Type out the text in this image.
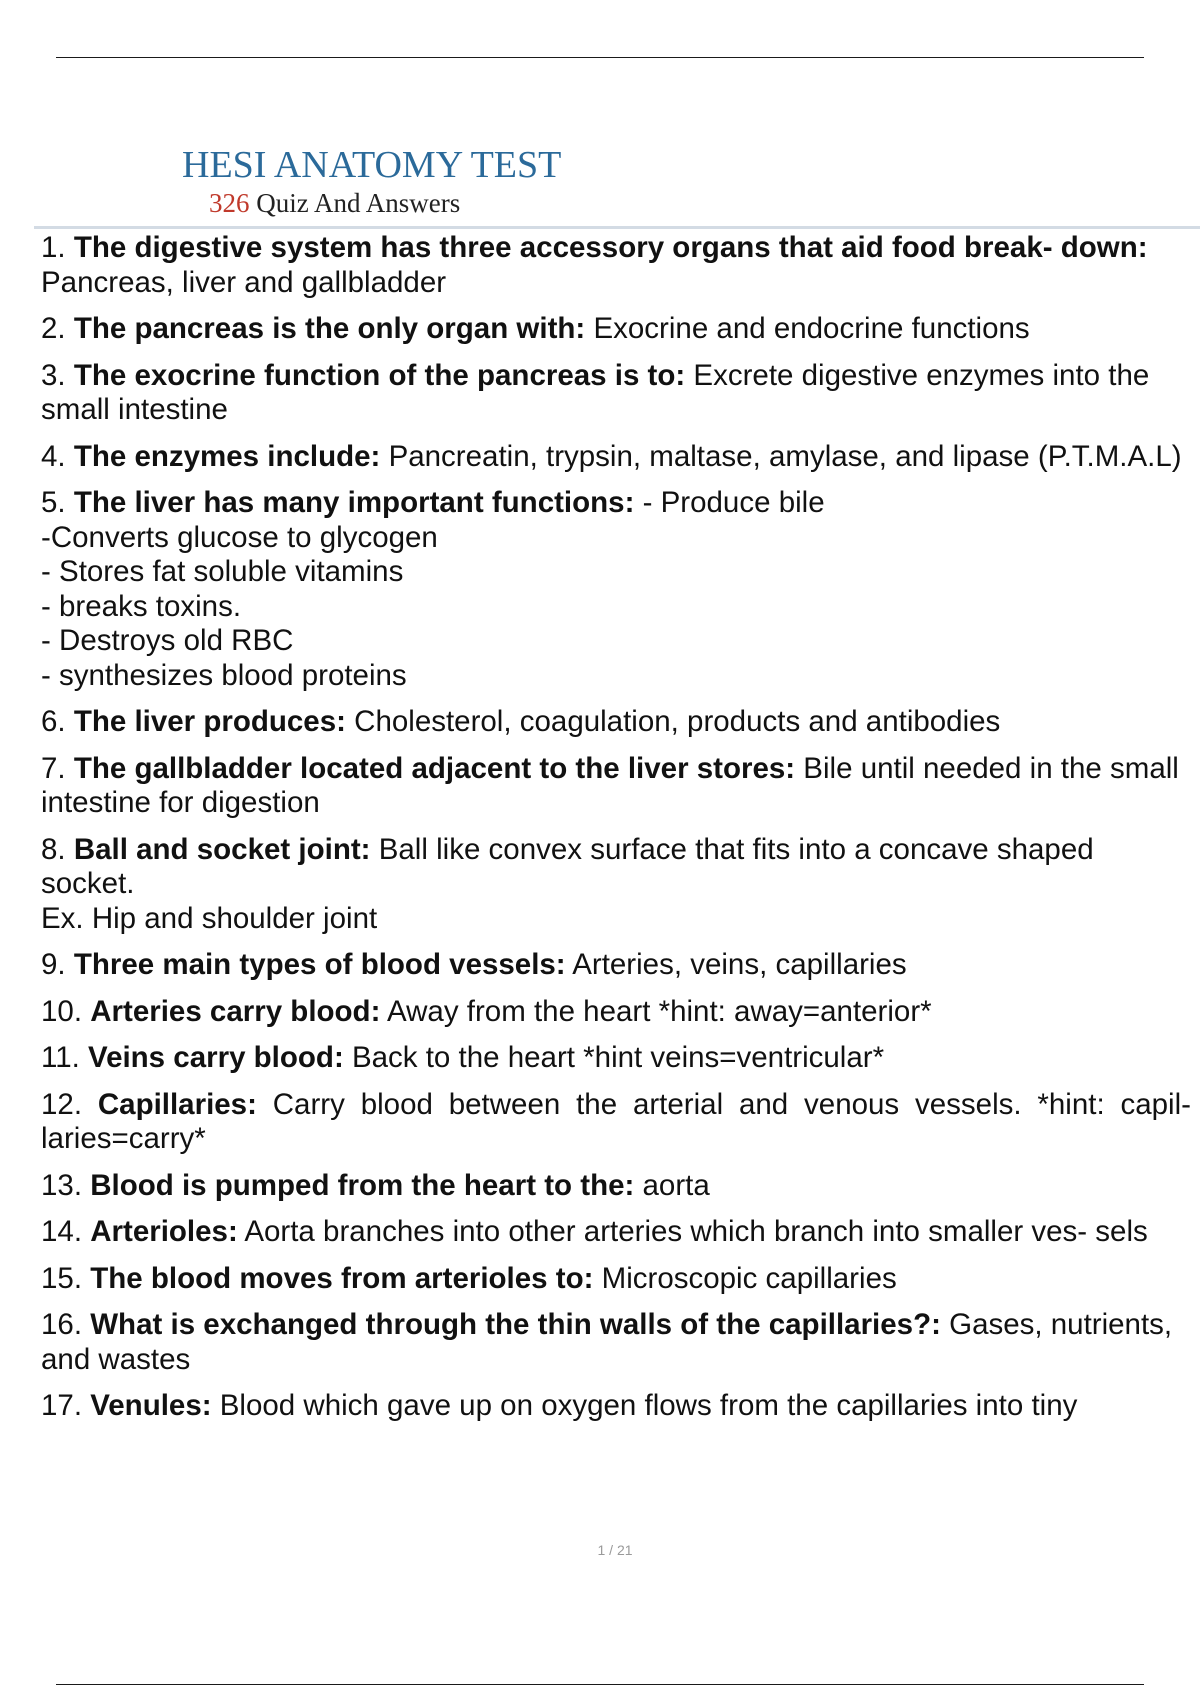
HESI ANATOMY TEST
326 Quiz And Answers
1. The digestive system has three accessory organs that aid food break- down: Pancreas, liver and gallbladder
2. The pancreas is the only organ with: Exocrine and endocrine functions
3. The exocrine function of the pancreas is to: Excrete digestive enzymes into the small intestine
4. The enzymes include: Pancreatin, trypsin, maltase, amylase, and lipase (P.T.M.A.L)
5. The liver has many important functions: - Produce bile
-Converts glucose to glycogen
- Stores fat soluble vitamins
- breaks toxins.
- Destroys old RBC
- synthesizes blood proteins
6. The liver produces: Cholesterol, coagulation, products and antibodies
7. The gallbladder located adjacent to the liver stores: Bile until needed in the small intestine for digestion
8. Ball and socket joint: Ball like convex surface that fits into a concave shaped socket.
Ex. Hip and shoulder joint
9. Three main types of blood vessels: Arteries, veins, capillaries
10. Arteries carry blood: Away from the heart *hint: away=anterior*
11. Veins carry blood: Back to the heart *hint veins=ventricular*
12. Capillaries: Carry blood between the arterial and venous vessels. *hint: capil- laries=carry*
13. Blood is pumped from the heart to the: aorta
14. Arterioles: Aorta branches into other arteries which branch into smaller ves- sels
15. The blood moves from arterioles to: Microscopic capillaries
16. What is exchanged through the thin walls of the capillaries?: Gases, nutrients, and wastes
17. Venules: Blood which gave up on oxygen flows from the capillaries into tiny
1 / 21
